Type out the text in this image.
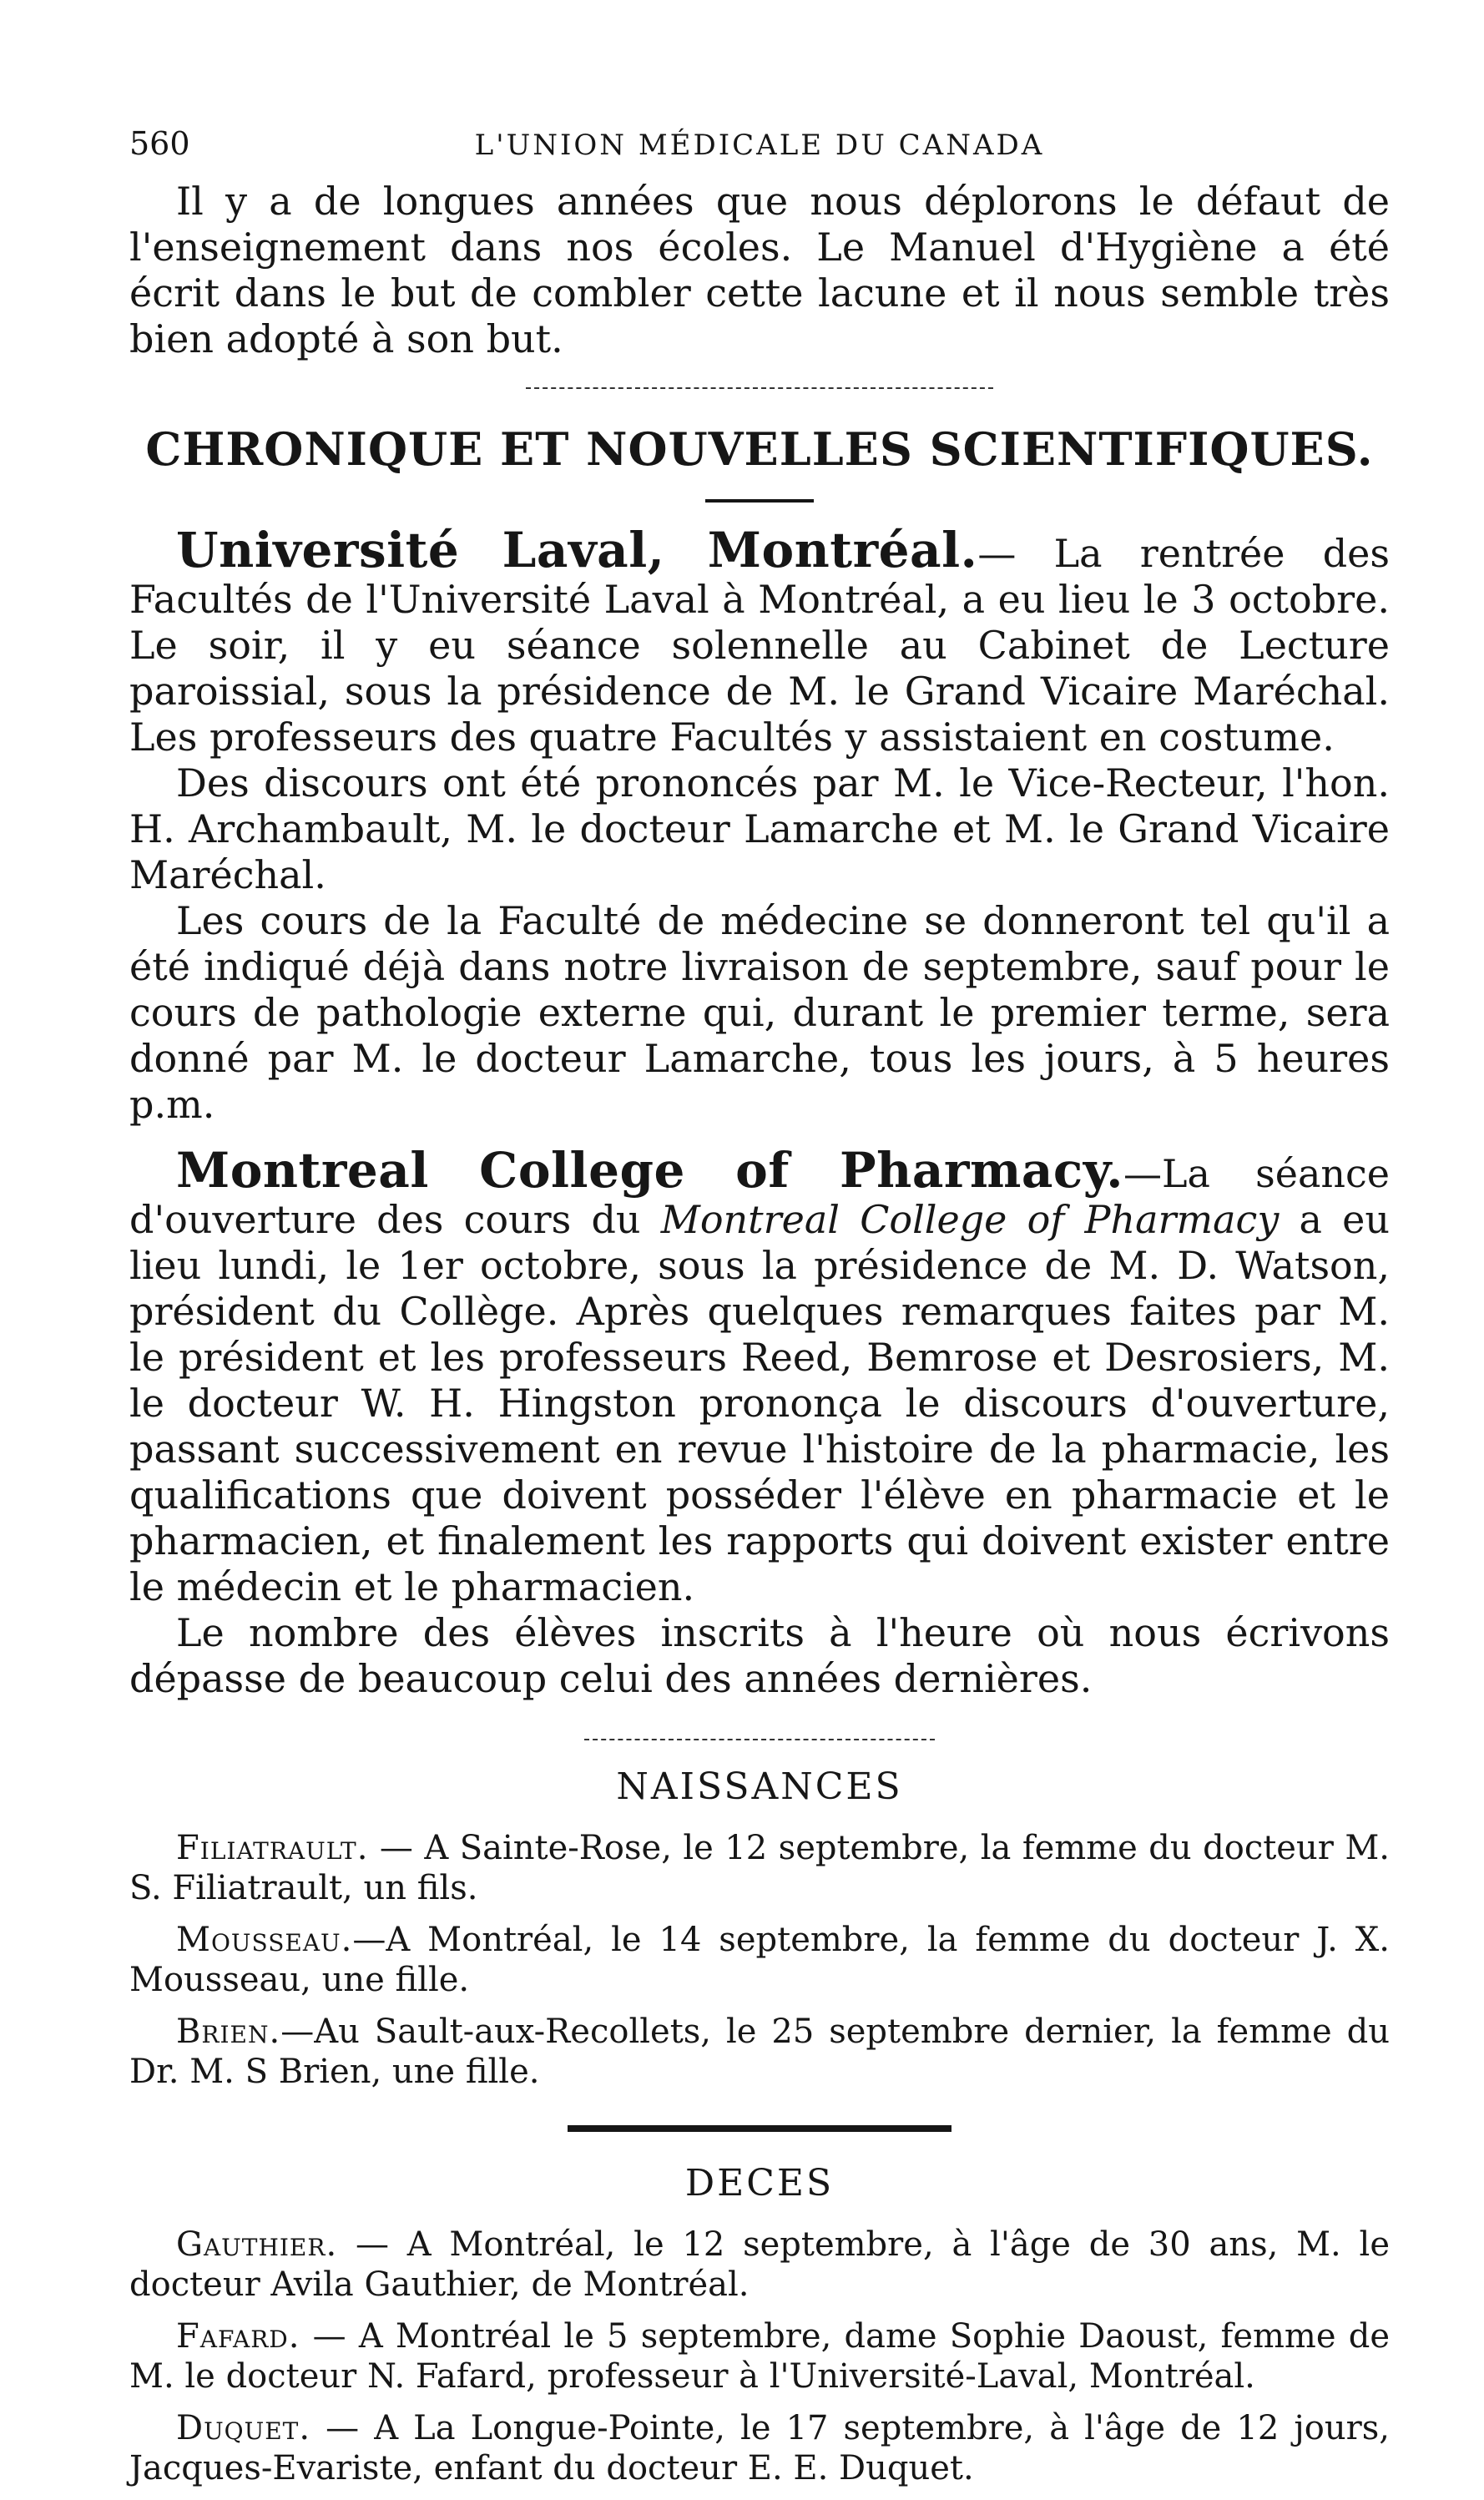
560	L'UNION MÉDICALE DU CANADA

Il y a de longues années que nous déplorons le défaut de l'enseignement dans nos écoles. Le Manuel d'Hygiène a été écrit dans le but de combler cette lacune et il nous semble très bien adopté à son but.

CHRONIQUE ET NOUVELLES SCIENTIFIQUES.

Université Laval, Montréal.— La rentrée des Facultés de l'Université Laval à Montréal, a eu lieu le 3 octobre. Le soir, il y eu séance solennelle au Cabinet de Lecture paroissial, sous la présidence de M. le Grand Vicaire Maréchal. Les professeurs des quatre Facultés y assistaient en costume.

Des discours ont été prononcés par M. le Vice-Recteur, l'hon. H. Archambault, M. le docteur Lamarche et M. le Grand Vicaire Maréchal.

Les cours de la Faculté de médecine se donneront tel qu'il a été indiqué déjà dans notre livraison de septembre, sauf pour le cours de pathologie externe qui, durant le premier terme, sera donné par M. le docteur Lamarche, tous les jours, à 5 heures p.m.

Montreal College of Pharmacy.—La séance d'ouverture des cours du Montreal College of Pharmacy a eu lieu lundi, le 1er octobre, sous la présidence de M. D. Watson, président du Collège. Après quelques remarques faites par M. le président et les professeurs Reed, Bemrose et Desrosiers, M. le docteur W. H. Hingston prononça le discours d'ouverture, passant successivement en revue l'histoire de la pharmacie, les qualifications que doivent posséder l'élève en pharmacie et le pharmacien, et finalement les rapports qui doivent exister entre le médecin et le pharmacien.

Le nombre des élèves inscrits à l'heure où nous écrivons dépasse de beaucoup celui des années dernières.

NAISSANCES

Filiatrault. — A Sainte-Rose, le 12 septembre, la femme du docteur M. S. Filiatrault, un fils.

Mousseau.—A Montréal, le 14 septembre, la femme du docteur J. X. Mousseau, une fille.

Brien.—Au Sault-aux-Recollets, le 25 septembre dernier, la femme du Dr. M. S Brien, une fille.

DECES

Gauthier. — A Montréal, le 12 septembre, à l'âge de 30 ans, M. le docteur Avila Gauthier, de Montréal.

Fafard. — A Montréal le 5 septembre, dame Sophie Daoust, femme de M. le docteur N. Fafard, professeur à l'Université-Laval, Montréal.

Duquet. — A La Longue-Pointe, le 17 septembre, à l'âge de 12 jours, Jacques-Evariste, enfant du docteur E. E. Duquet.
